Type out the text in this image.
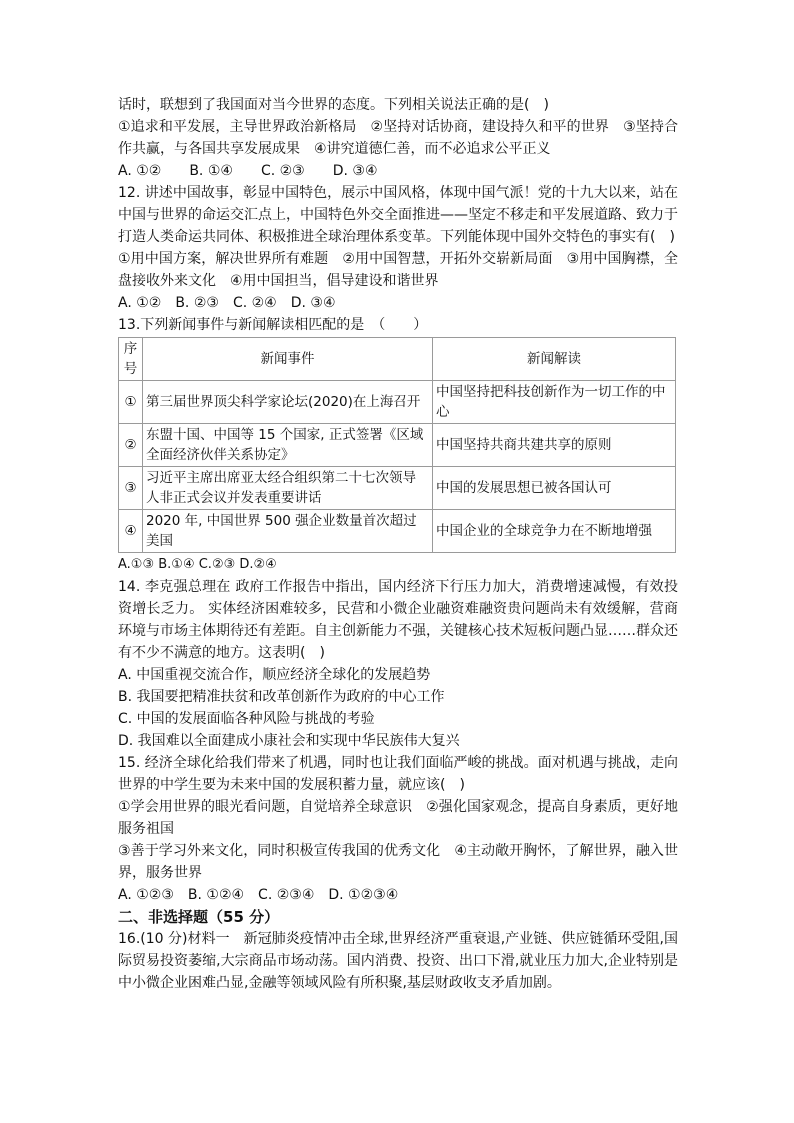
话时，联想到了我国面对当今世界的态度。下列相关说法正确的是(　)

①追求和平发展，主导世界政治新格局　②坚持对话协商，建设持久和平的世界　③坚持合作共赢，与各国共享发展成果　④讲究道德仁善，而不必追求公平正义

A. ①②　　B. ①④　　C. ②③　　D. ③④

12. 讲述中国故事，彰显中国特色，展示中国风格，体现中国气派！党的十九大以来，站在中国与世界的命运交汇点上，中国特色外交全面推进——坚定不移走和平发展道路、致力于打造人类命运共同体、积极推进全球治理体系变革。下列能体现中国外交特色的事实有(　)

①用中国方案，解决世界所有难题　②用中国智慧，开拓外交崭新局面　③用中国胸襟，全盘接收外来文化　④用中国担当，倡导建设和谐世界

A. ①②　B. ②③　C. ②④　D. ③④

13.下列新闻事件与新闻解读相匹配的是　（　　）

序号	新闻事件	新闻解读
①	第三届世界顶尖科学家论坛(2020)在上海召开	中国坚持把科技创新作为一切工作的中心
②	东盟十国、中国等 15 个国家, 正式签署《区域全面经济伙伴关系协定》	中国坚持共商共建共享的原则
③	习近平主席出席亚太经合组织第二十七次领导人非正式会议并发表重要讲话	中国的发展思想已被各国认可
④	2020 年, 中国世界 500 强企业数量首次超过美国	中国企业的全球竞争力在不断地增强

A.①③ B.①④ C.②③ D.②④

14. 李克强总理在 政府工作报告中指出，国内经济下行压力加大，消费增速减慢，有效投资增长乏力。 实体经济困难较多，民营和小微企业融资难融资贵问题尚未有效缓解，营商环境与市场主体期待还有差距。自主创新能力不强，关键核心技术短板问题凸显……群众还有不少不满意的地方。这表明(　)

A. 中国重视交流合作，顺应经济全球化的发展趋势

B. 我国要把精准扶贫和改革创新作为政府的中心工作

C. 中国的发展面临各种风险与挑战的考验

D. 我国难以全面建成小康社会和实现中华民族伟大复兴

15. 经济全球化给我们带来了机遇，同时也让我们面临严峻的挑战。面对机遇与挑战，走向世界的中学生要为未来中国的发展积蓄力量，就应该(　)

①学会用世界的眼光看问题，自觉培养全球意识　②强化国家观念，提高自身素质，更好地服务祖国

③善于学习外来文化，同时积极宣传我国的优秀文化　④主动敞开胸怀，了解世界，融入世界，服务世界

A. ①②③　B. ①②④　C. ②③④　D. ①②③④

二、非选择题（55 分）

16.(10 分)材料一　新冠肺炎疫情冲击全球,世界经济严重衰退,产业链、供应链循环受阻,国际贸易投资萎缩,大宗商品市场动荡。国内消费、投资、出口下滑,就业压力加大,企业特别是中小微企业困难凸显,金融等领域风险有所积聚,基层财政收支矛盾加剧。
